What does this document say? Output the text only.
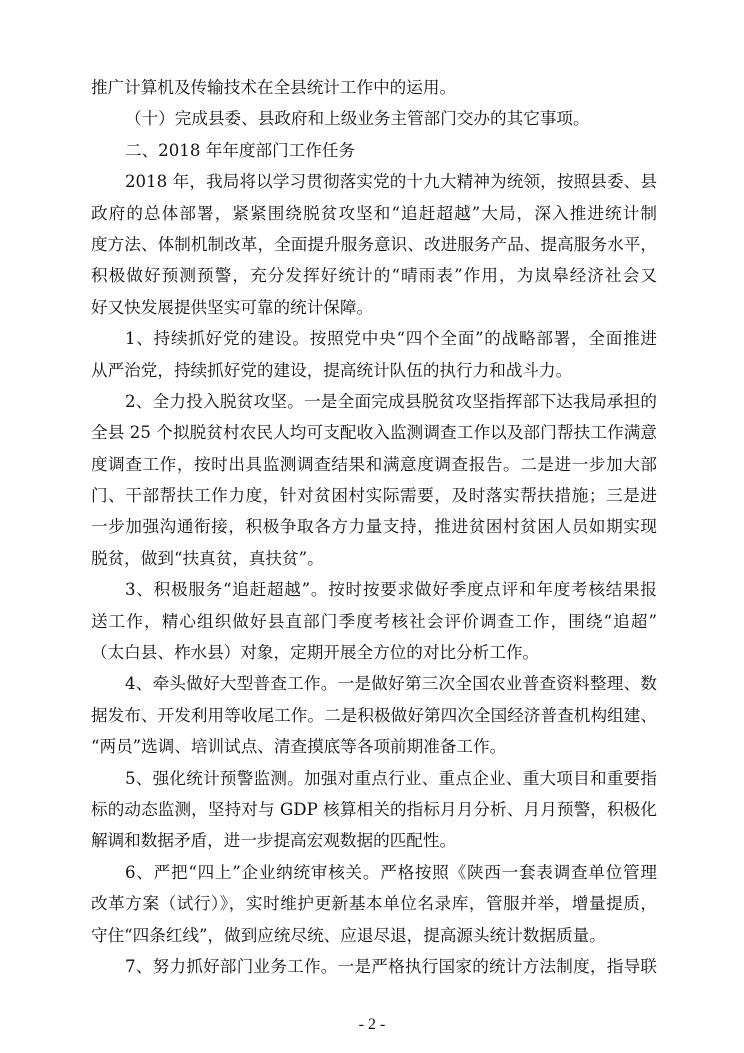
推广计算机及传输技术在全县统计工作中的运用。
（十）完成县委、县政府和上级业务主管部门交办的其它事项。
二、2018 年年度部门工作任务
2018 年，我局将以学习贯彻落实党的十九大精神为统领，按照县委、县
政府的总体部署，紧紧围绕脱贫攻坚和“追赶超越”大局，深入推进统计制
度方法、体制机制改革，全面提升服务意识、改进服务产品、提高服务水平，
积极做好预测预警，充分发挥好统计的“晴雨表”作用，为岚皋经济社会又
好又快发展提供坚实可靠的统计保障。
1、持续抓好党的建设。按照党中央“四个全面”的战略部署，全面推进
从严治党，持续抓好党的建设，提高统计队伍的执行力和战斗力。
2、全力投入脱贫攻坚。一是全面完成县脱贫攻坚指挥部下达我局承担的
全县 25 个拟脱贫村农民人均可支配收入监测调查工作以及部门帮扶工作满意
度调查工作，按时出具监测调查结果和满意度调查报告。二是进一步加大部
门、干部帮扶工作力度，针对贫困村实际需要，及时落实帮扶措施；三是进
一步加强沟通衔接，积极争取各方力量支持，推进贫困村贫困人员如期实现
脱贫，做到“扶真贫，真扶贫”。
3、积极服务“追赶超越”。按时按要求做好季度点评和年度考核结果报
送工作，精心组织做好县直部门季度考核社会评价调查工作，围绕“追超”
（太白县、柞水县）对象，定期开展全方位的对比分析工作。
4、牵头做好大型普查工作。一是做好第三次全国农业普查资料整理、数
据发布、开发利用等收尾工作。二是积极做好第四次全国经济普查机构组建、
“两员”选调、培训试点、清查摸底等各项前期准备工作。
5、强化统计预警监测。加强对重点行业、重点企业、重大项目和重要指
标的动态监测，坚持对与 GDP 核算相关的指标月月分析、月月预警，积极化
解调和数据矛盾，进一步提高宏观数据的匹配性。
6、严把“四上”企业纳统审核关。严格按照《陕西一套表调查单位管理
改革方案（试行）》，实时维护更新基本单位名录库，管服并举，增量提质，
守住“四条红线”，做到应统尽统、应退尽退，提高源头统计数据质量。
7、努力抓好部门业务工作。一是严格执行国家的统计方法制度，指导联
- 2 -
